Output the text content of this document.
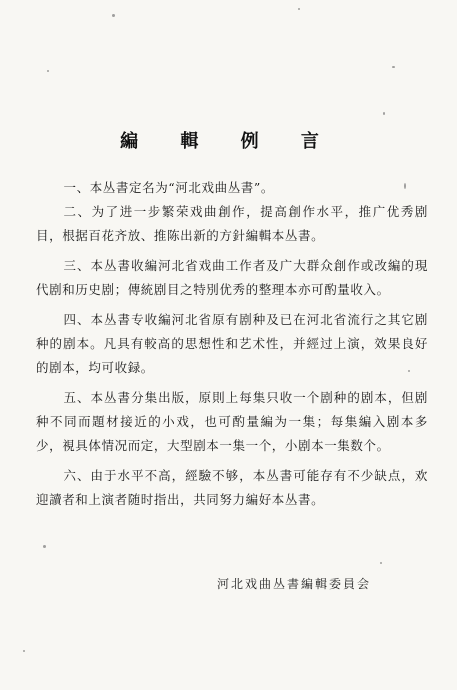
編 輯 例 言

一、本丛書定名为“河北戏曲丛書”。

二、为了进一步繁荣戏曲創作，提高創作水平，推广优秀剧目，根据百花齐放、推陈出新的方針編輯本丛書。

三、本丛書收編河北省戏曲工作者及广大群众創作或改編的現代剧和历史剧；傳統剧目之特別优秀的整理本亦可酌量收入。

四、本丛書专收編河北省原有剧种及已在河北省流行之其它剧种的剧本。凡具有較高的思想性和艺术性，并經过上演，效果良好的剧本，均可收録。

五、本丛書分集出版，原則上每集只收一个剧种的剧本，但剧种不同而題材接近的小戏，也可酌量編为一集；每集編入剧本多少，視具体情况而定，大型剧本一集一个，小剧本一集数个。

六、由于水平不高，經驗不够，本丛書可能存有不少缺点，欢迎讀者和上演者随时指出，共同努力編好本丛書。

河北戏曲丛書編輯委員会
